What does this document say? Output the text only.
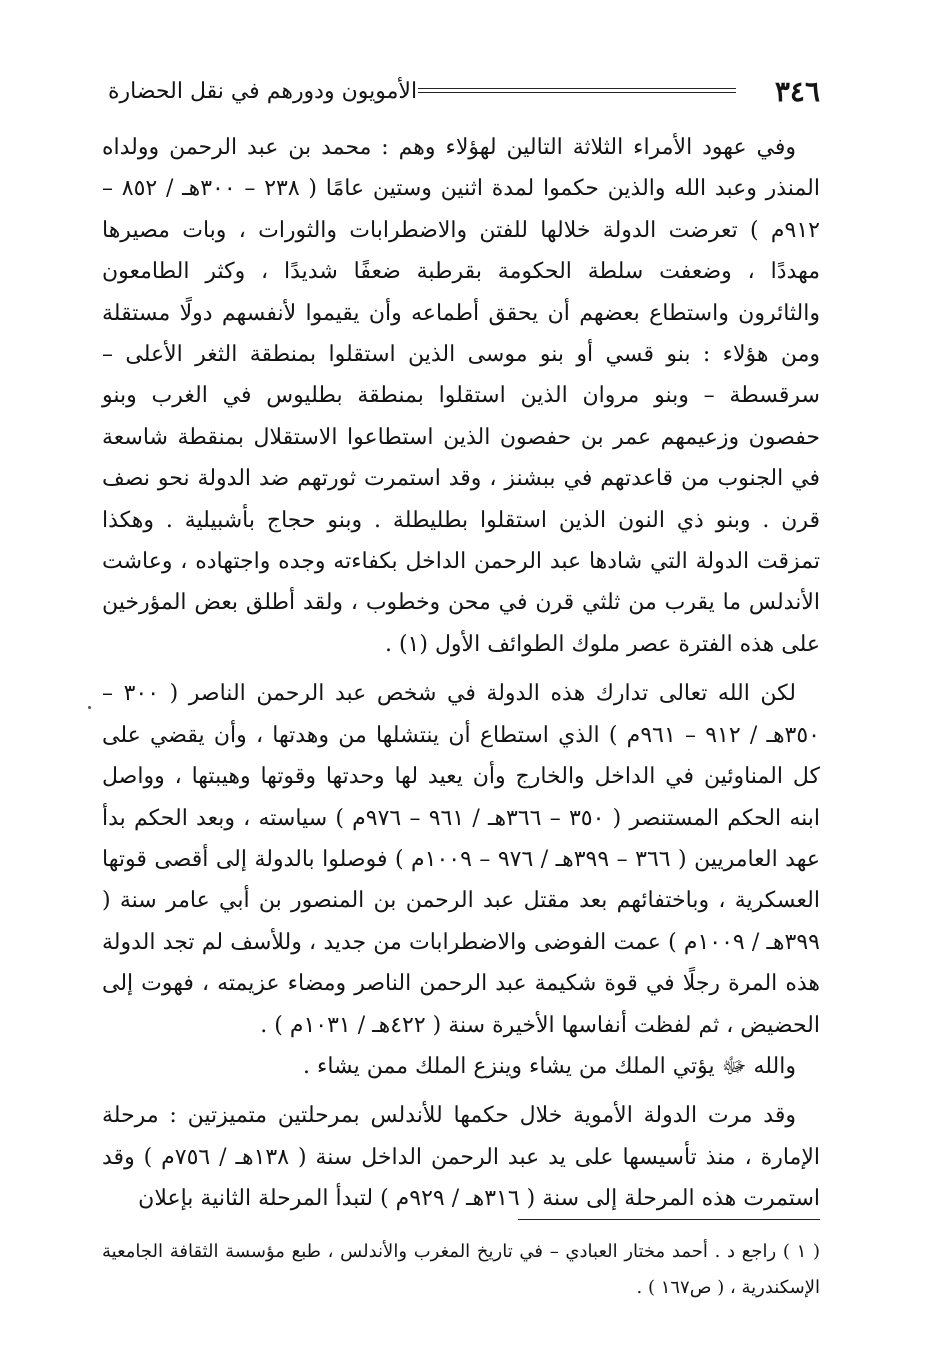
٣٤٦
الأمويون ودورهم في نقل الحضارة

وفي عهود الأمراء الثلاثة التالين لهؤلاء وهم : محمد بن عبد الرحمن وولداه المنذر وعبد الله والذين حكموا لمدة اثنين وستين عامًا ( ٢٣٨ – ٣٠٠هـ / ٨٥٢ – ٩١٢م ) تعرضت الدولة خلالها للفتن والاضطرابات والثورات ، وبات مصيرها مهددًا ، وضعفت سلطة الحكومة بقرطبة ضعفًا شديدًا ، وكثر الطامعون والثائرون واستطاع بعضهم أن يحقق أطماعه وأن يقيموا لأنفسهم دولًا مستقلة ومن هؤلاء : بنو قسي أو بنو موسى الذين استقلوا بمنطقة الثغر الأعلى – سرقسطة – وبنو مروان الذين استقلوا بمنطقة بطليوس في الغرب وبنو حفصون وزعيمهم عمر بن حفصون الذين استطاعوا الاستقلال بمنقطة شاسعة في الجنوب من قاعدتهم في ببشنز ، وقد استمرت ثورتهم ضد الدولة نحو نصف قرن . وبنو ذي النون الذين استقلوا بطليطلة . وبنو حجاج بأشبيلية . وهكذا تمزقت الدولة التي شادها عبد الرحمن الداخل بكفاءته وجده واجتهاده ، وعاشت الأندلس ما يقرب من ثلثي قرن في محن وخطوب ، ولقد أطلق بعض المؤرخين على هذه الفترة عصر ملوك الطوائف الأول (١) .

لكن الله تعالى تدارك هذه الدولة في شخص عبد الرحمن الناصر ( ٣٠٠ – ٣٥٠هـ / ٩١٢ – ٩٦١م ) الذي استطاع أن ينتشلها من وهدتها ، وأن يقضي على كل المناوئين في الداخل والخارج وأن يعيد لها وحدتها وقوتها وهيبتها ، وواصل ابنه الحكم المستنصر ( ٣٥٠ – ٣٦٦هـ / ٩٦١ – ٩٧٦م ) سياسته ، وبعد الحكم بدأ عهد العامريين ( ٣٦٦ – ٣٩٩هـ / ٩٧٦ – ١٠٠٩م ) فوصلوا بالدولة إلى أقصى قوتها العسكرية ، وباختفائهم بعد مقتل عبد الرحمن بن المنصور بن أبي عامر سنة ( ٣٩٩هـ / ١٠٠٩م ) عمت الفوضى والاضطرابات من جديد ، وللأسف لم تجد الدولة هذه المرة رجلًا في قوة شكيمة عبد الرحمن الناصر ومضاء عزيمته ، فهوت إلى الحضيض ، ثم لفظت أنفاسها الأخيرة سنة ( ٤٢٢هـ / ١٠٣١م ) .

والله ﷻ يؤتي الملك من يشاء وينزع الملك ممن يشاء .

وقد مرت الدولة الأموية خلال حكمها للأندلس بمرحلتين متميزتين : مرحلة الإمارة ، منذ تأسيسها على يد عبد الرحمن الداخل سنة ( ١٣٨هـ / ٧٥٦م ) وقد استمرت هذه المرحلة إلى سنة ( ٣١٦هـ / ٩٢٩م ) لتبدأ المرحلة الثانية بإعلان

( ١ ) راجع د . أحمد مختار العبادي – في تاريخ المغرب والأندلس ، طبع مؤسسة الثقافة الجامعية الإسكندرية ، ( ص١٦٧ ) .
